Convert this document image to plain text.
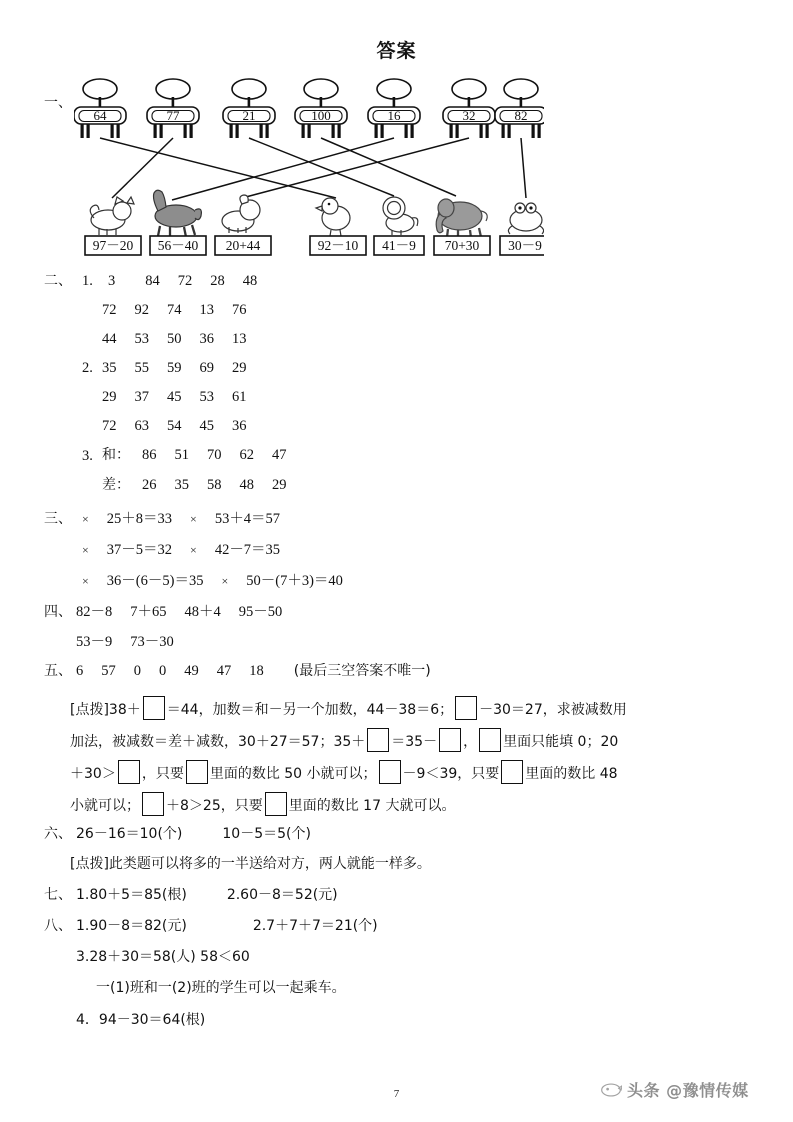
答案
一、
64	77	21	100	16	32	82
97－20 56－40 20+44	92－10 41－9 70+30 30－9
二、 1. 3 84 72 28 48
72 92 74 13 76
44 53 50 36 13
2. 35 55 59 69 29
29 37 45 53 61
72 63 54 45 36
3. 和： 86 51 70 62 47
差： 26 35 58 48 29
三、 × 25＋8＝33 × 53＋4＝57
× 37－5＝32 × 42－7＝35
× 36－(6－5)＝35 × 50－(7＋3)＝40
四、 82－8 7＋65 48＋4 95－50
53－9 73－30
五、 6 57 0 0 49 47 18 (最后三空答案不唯一)
[点拨]38＋ ＝44，加数＝和－另一个加数，44－38＝6； －30＝27，求被减数用
加法，被减数＝差＋减数，30＋27＝57；35＋ ＝35－ ， 里面只能填 0；20
＋30＞ ，只要 里面的数比 50 小就可以； －9＜39，只要 里面的数比 48
小就可以； ＋8＞25，只要 里面的数比 17 大就可以。
六、 26－16＝10(个)	10－5＝5(个)
[点拨]此类题可以将多的一半送给对方，两人就能一样多。
七、 1.80＋5＝85(根)	2.60－8＝52(元)
八、 1.90－8＝82(元)	2.7＋7＋7＝21(个)
3.28＋30＝58(人) 58＜60
一(1)班和一(2)班的学生可以一起乘车。
4．94－30＝64(根)
7	头条 @豫情传媒
